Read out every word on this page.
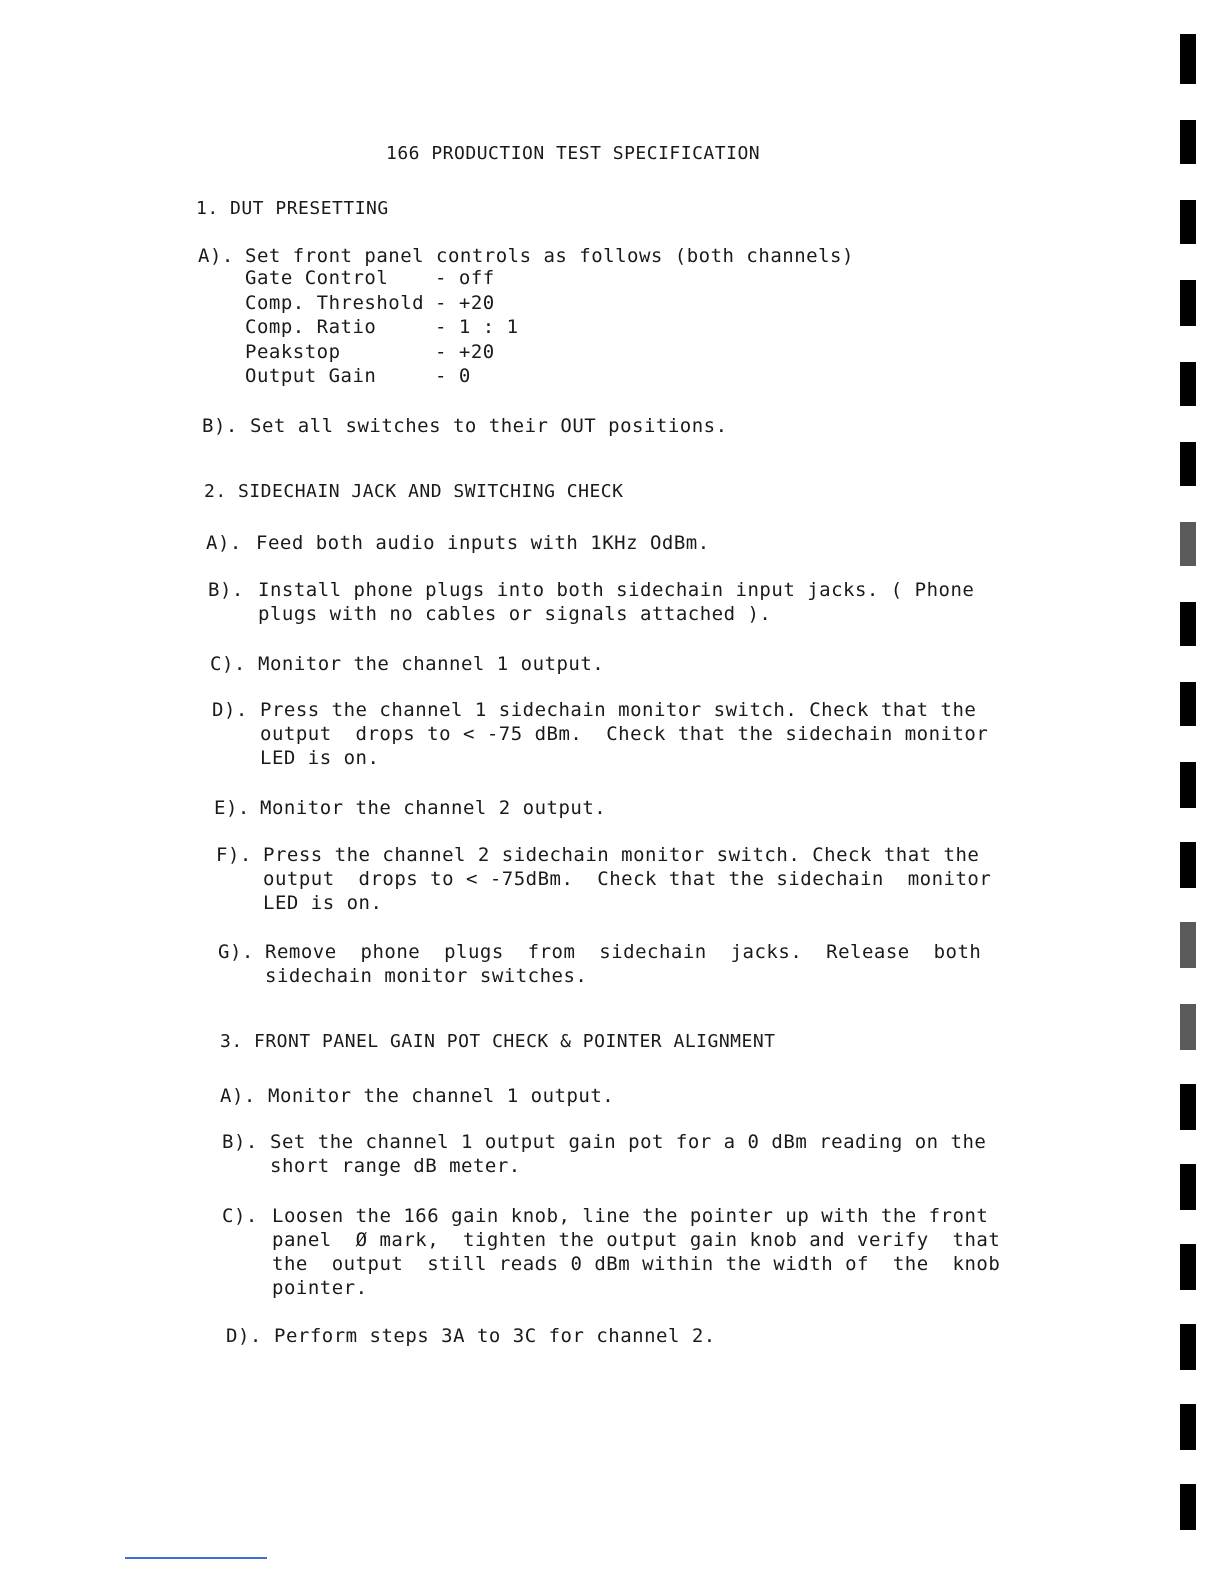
166 PRODUCTION TEST SPECIFICATION
1. DUT PRESETTING
A). Set front panel controls as follows (both channels)
Gate Control	- off
Comp. Threshold - +20
Comp. Ratio	- 1 : 1
Peakstop	- +20
Output Gain	- 0
B). Set all switches to their OUT positions.
2. SIDECHAIN JACK AND SWITCHING CHECK
A). Feed both audio inputs with 1KHz OdBm.
B). Install phone plugs into both sidechain input jacks. ( Phone
plugs with no cables or signals attached ).
C). Monitor the channel 1 output.
D). Press the channel 1 sidechain monitor switch. Check that the
output  drops to < -75 dBm.  Check that the sidechain monitor
LED is on.
E). Monitor the channel 2 output.
F). Press the channel 2 sidechain monitor switch. Check that the
output  drops to < -75dBm.  Check that the sidechain  monitor
LED is on.
G). Remove  phone  plugs  from  sidechain  jacks.  Release  both
sidechain monitor switches.
3. FRONT PANEL GAIN POT CHECK & POINTER ALIGNMENT
A). Monitor the channel 1 output.
B). Set the channel 1 output gain pot for a 0 dBm reading on the
short range dB meter.
C). Loosen the 166 gain knob, line the pointer up with the front
panel  Ø mark,  tighten the output gain knob and verify  that
the  output  still reads 0 dBm within the width of  the  knob
pointer.
D). Perform steps 3A to 3C for channel 2.
